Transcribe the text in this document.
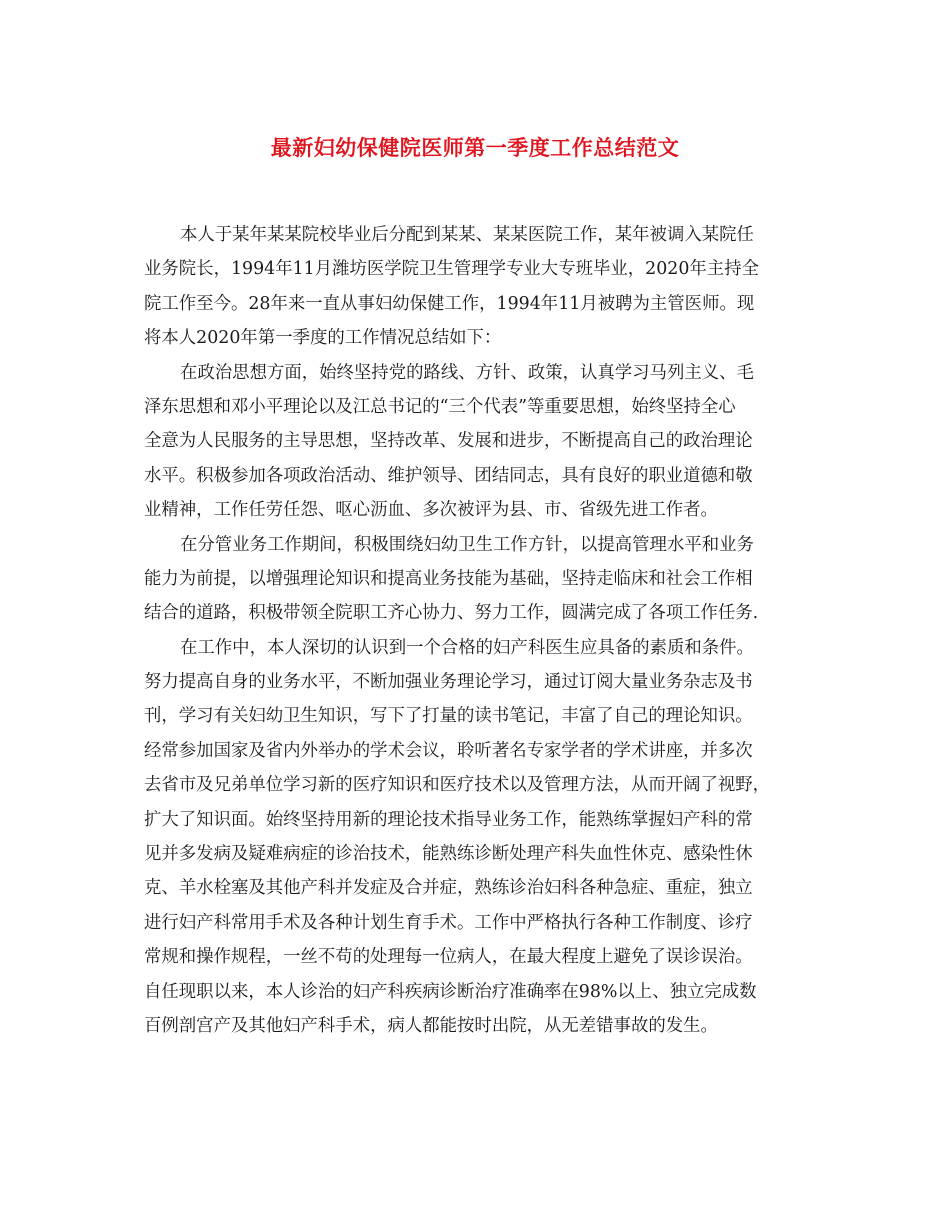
最新妇幼保健院医师第一季度工作总结范文
本人于某年某某院校毕业后分配到某某、某某医院工作，某年被调入某院任
业务院长，1994年11月潍坊医学院卫生管理学专业大专班毕业，2020年主持全
院工作至今。28年来一直从事妇幼保健工作，1994年11月被聘为主管医师。现
将本人2020年第一季度的工作情况总结如下：
在政治思想方面，始终坚持党的路线、方针、政策，认真学习马列主义、毛
泽东思想和邓小平理论以及江总书记的“三个代表”等重要思想，始终坚持全心
全意为人民服务的主导思想，坚持改革、发展和进步，不断提高自己的政治理论
水平。积极参加各项政治活动、维护领导、团结同志，具有良好的职业道德和敬
业精神，工作任劳任怨、呕心沥血、多次被评为县、市、省级先进工作者。
在分管业务工作期间，积极围绕妇幼卫生工作方针，以提高管理水平和业务
能力为前提，以增强理论知识和提高业务技能为基础，坚持走临床和社会工作相
结合的道路，积极带领全院职工齐心协力、努力工作，圆满完成了各项工作任务.
在工作中，本人深切的认识到一个合格的妇产科医生应具备的素质和条件。
努力提高自身的业务水平，不断加强业务理论学习，通过订阅大量业务杂志及书
刊，学习有关妇幼卫生知识，写下了打量的读书笔记，丰富了自己的理论知识。
经常参加国家及省内外举办的学术会议，聆听著名专家学者的学术讲座，并多次
去省市及兄弟单位学习新的医疗知识和医疗技术以及管理方法，从而开阔了视野，
扩大了知识面。始终坚持用新的理论技术指导业务工作，能熟练掌握妇产科的常
见并多发病及疑难病症的诊治技术，能熟练诊断处理产科失血性休克、感染性休
克、羊水栓塞及其他产科并发症及合并症，熟练诊治妇科各种急症、重症，独立
进行妇产科常用手术及各种计划生育手术。工作中严格执行各种工作制度、诊疗
常规和操作规程，一丝不苟的处理每一位病人，在最大程度上避免了误诊误治。
自任现职以来，本人诊治的妇产科疾病诊断治疗准确率在98%以上、独立完成数
百例剖宫产及其他妇产科手术，病人都能按时出院，从无差错事故的发生。
